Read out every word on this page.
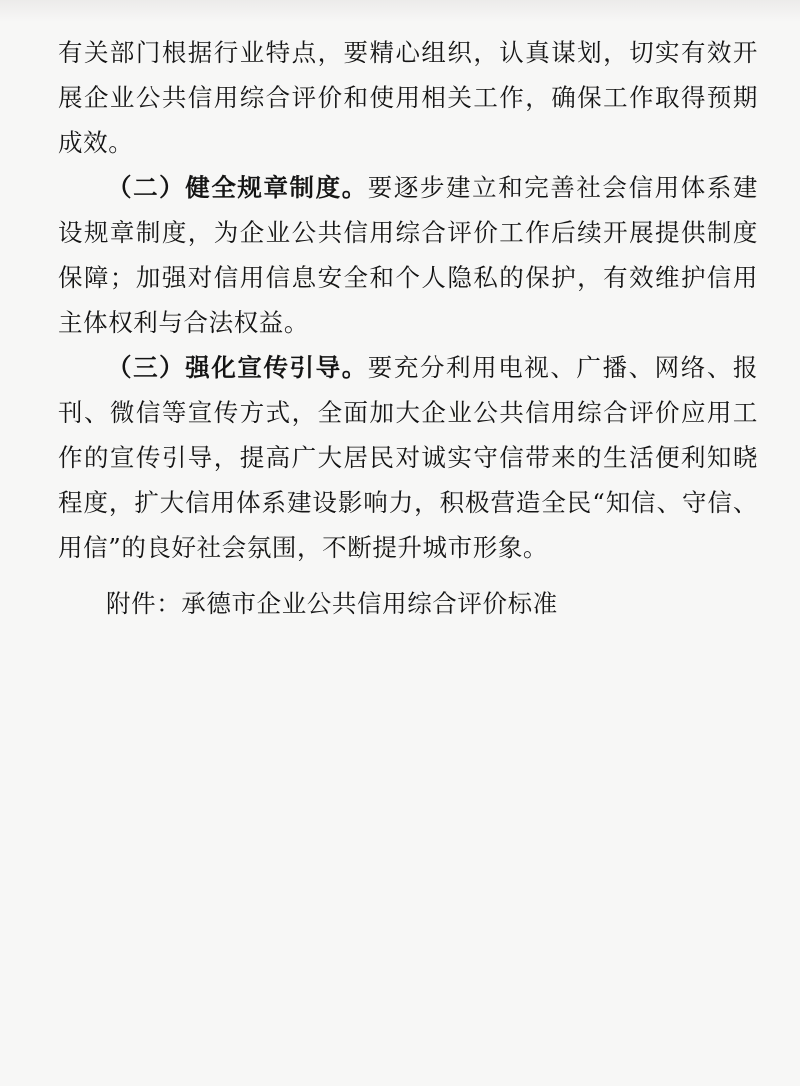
有关部门根据行业特点，要精心组织，认真谋划，切实有效开展企业公共信用综合评价和使用相关工作，确保工作取得预期成效。

（二）健全规章制度。要逐步建立和完善社会信用体系建设规章制度，为企业公共信用综合评价工作后续开展提供制度保障；加强对信用信息安全和个人隐私的保护，有效维护信用主体权利与合法权益。

（三）强化宣传引导。要充分利用电视、广播、网络、报刊、微信等宣传方式，全面加大企业公共信用综合评价应用工作的宣传引导，提高广大居民对诚实守信带来的生活便利知晓程度，扩大信用体系建设影响力，积极营造全民“知信、守信、用信”的良好社会氛围，不断提升城市形象。

附件：承德市企业公共信用综合评价标准
